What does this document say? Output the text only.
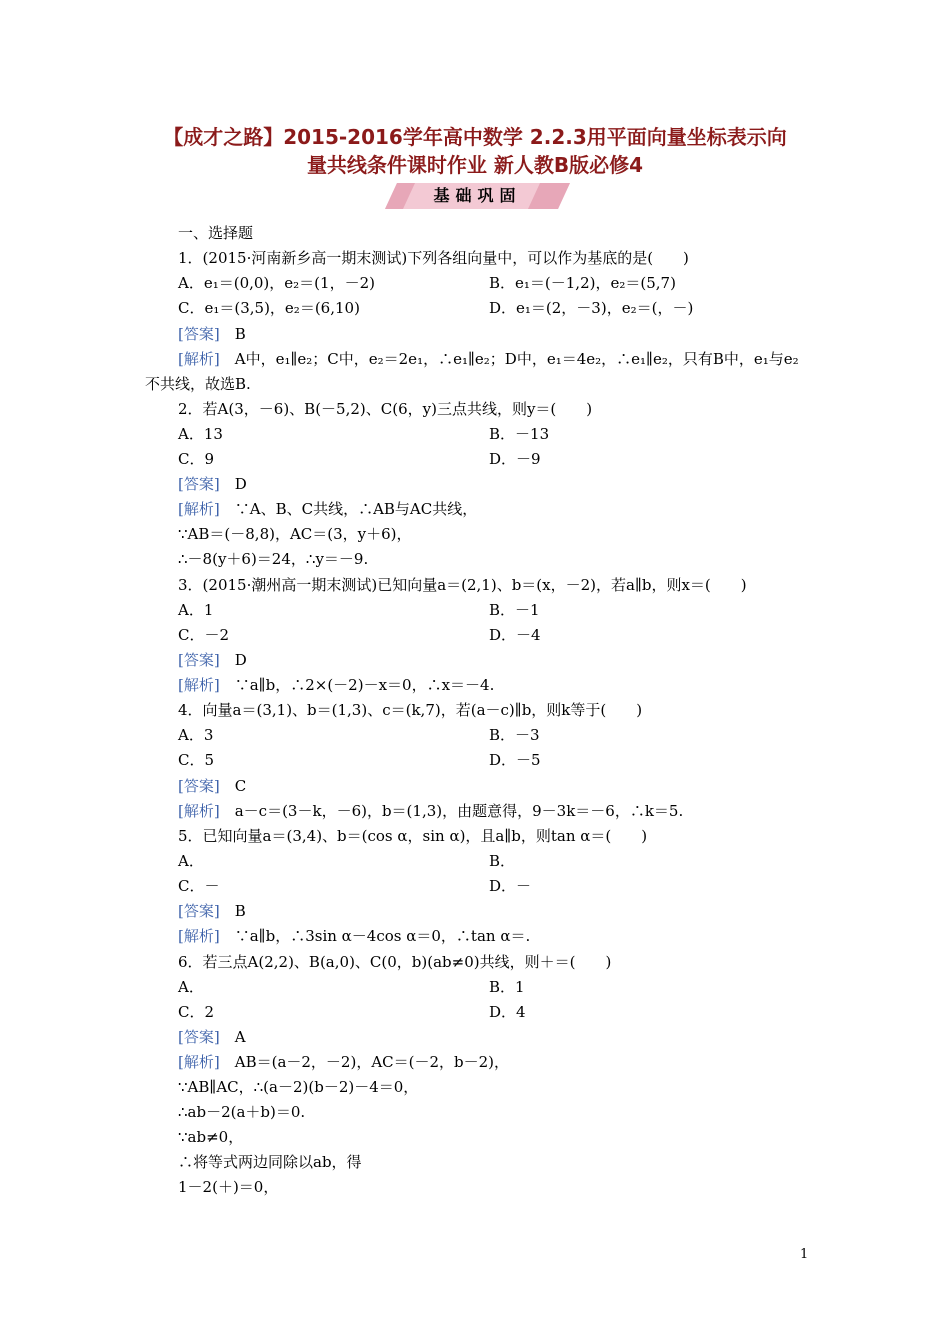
【成才之路】2015-2016学年高中数学 2.2.3用平面向量坐标表示向
量共线条件课时作业 新人教B版必修4
基础巩固
一、选择题
1．(2015·河南新乡高一期末测试)下列各组向量中，可以作为基底的是(　　)
A．e₁＝(0,0)，e₂＝(1，－2)	B．e₁＝(－1,2)，e₂＝(5,7)
C．e₁＝(3,5)，e₂＝(6,10)	D．e₁＝(2，－3)，e₂＝(，－)
[答案]　 B
[解析]　 A中，e₁∥e₂；C中，e₂＝2e₁，∴e₁∥e₂；D中，e₁＝4e₂，∴e₁∥e₂，只有B中，e₁与e₂
不共线，故选B.
2．若A(3，－6)、B(－5,2)、C(6，y)三点共线，则y＝(　　)
A．13	B．－13
C．9	D．－9
[答案]　 D
[解析]　 ∵A、B、C共线，∴AB与AC共线，
∵AB＝(－8,8)，AC＝(3，y＋6)，
∴－8(y＋6)＝24，∴y＝－9.
3．(2015·潮州高一期末测试)已知向量a＝(2,1)、b＝(x，－2)，若a∥b，则x＝(　　)
A．1	B．－1
C．－2	D．－4
[答案]　 D
[解析]　 ∵a∥b，∴2×(－2)－x＝0，∴x＝－4.
4．向量a＝(3,1)、b＝(1,3)、c＝(k,7)，若(a－c)∥b，则k等于(　　)
A．3	B．－3
C．5	D．－5
[答案]　 C
[解析]　 a－c＝(3－k，－6)，b＝(1,3)，由题意得，9－3k＝－6，∴k＝5.
5．已知向量a＝(3,4)、b＝(cos α，sin α)，且a∥b，则tan α＝(　　)
A．	B．
C．－	D．－
[答案]　 B
[解析]　 ∵a∥b，∴3sin α－4cos α＝0，∴tan α＝.
6．若三点A(2,2)、B(a,0)、C(0，b)(ab≠0)共线，则＋＝(　　)
A．	B．1
C．2	D．4
[答案]　 A
[解析]　 AB＝(a－2，－2)，AC＝(－2，b－2)，
∵AB∥AC，∴(a－2)(b－2)－4＝0，
∴ab－2(a＋b)＝0.
∵ab≠0，
∴将等式两边同除以ab，得
1－2(＋)＝0，
1
